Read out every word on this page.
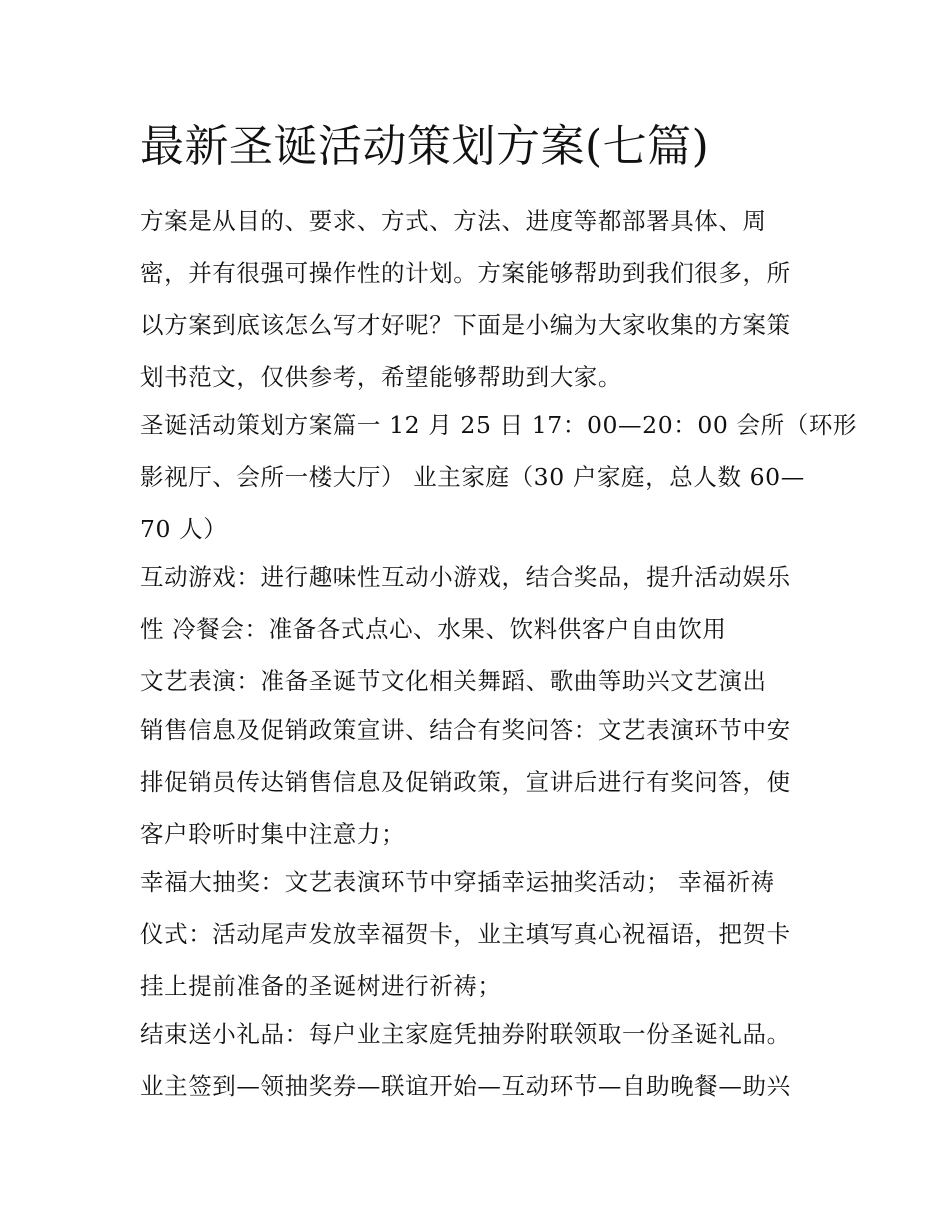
最新圣诞活动策划方案(七篇)
方案是从目的、要求、方式、方法、进度等都部署具体、周
密，并有很强可操作性的计划。方案能够帮助到我们很多，所
以方案到底该怎么写才好呢？下面是小编为大家收集的方案策
划书范文，仅供参考，希望能够帮助到大家。
圣诞活动策划方案篇一 12 月 25 日 17：00—20：00 会所（环形
影视厅、会所一楼大厅） 业主家庭（30 户家庭，总人数 60—
70 人）
互动游戏：进行趣味性互动小游戏，结合奖品，提升活动娱乐
性 冷餐会：准备各式点心、水果、饮料供客户自由饮用
文艺表演：准备圣诞节文化相关舞蹈、歌曲等助兴文艺演出
销售信息及促销政策宣讲、结合有奖问答：文艺表演环节中安
排促销员传达销售信息及促销政策，宣讲后进行有奖问答，使
客户聆听时集中注意力；
幸福大抽奖：文艺表演环节中穿插幸运抽奖活动； 幸福祈祷
仪式：活动尾声发放幸福贺卡，业主填写真心祝福语，把贺卡
挂上提前准备的圣诞树进行祈祷；
结束送小礼品：每户业主家庭凭抽券附联领取一份圣诞礼品。
业主签到—领抽奖券—联谊开始—互动环节—自助晚餐—助兴
